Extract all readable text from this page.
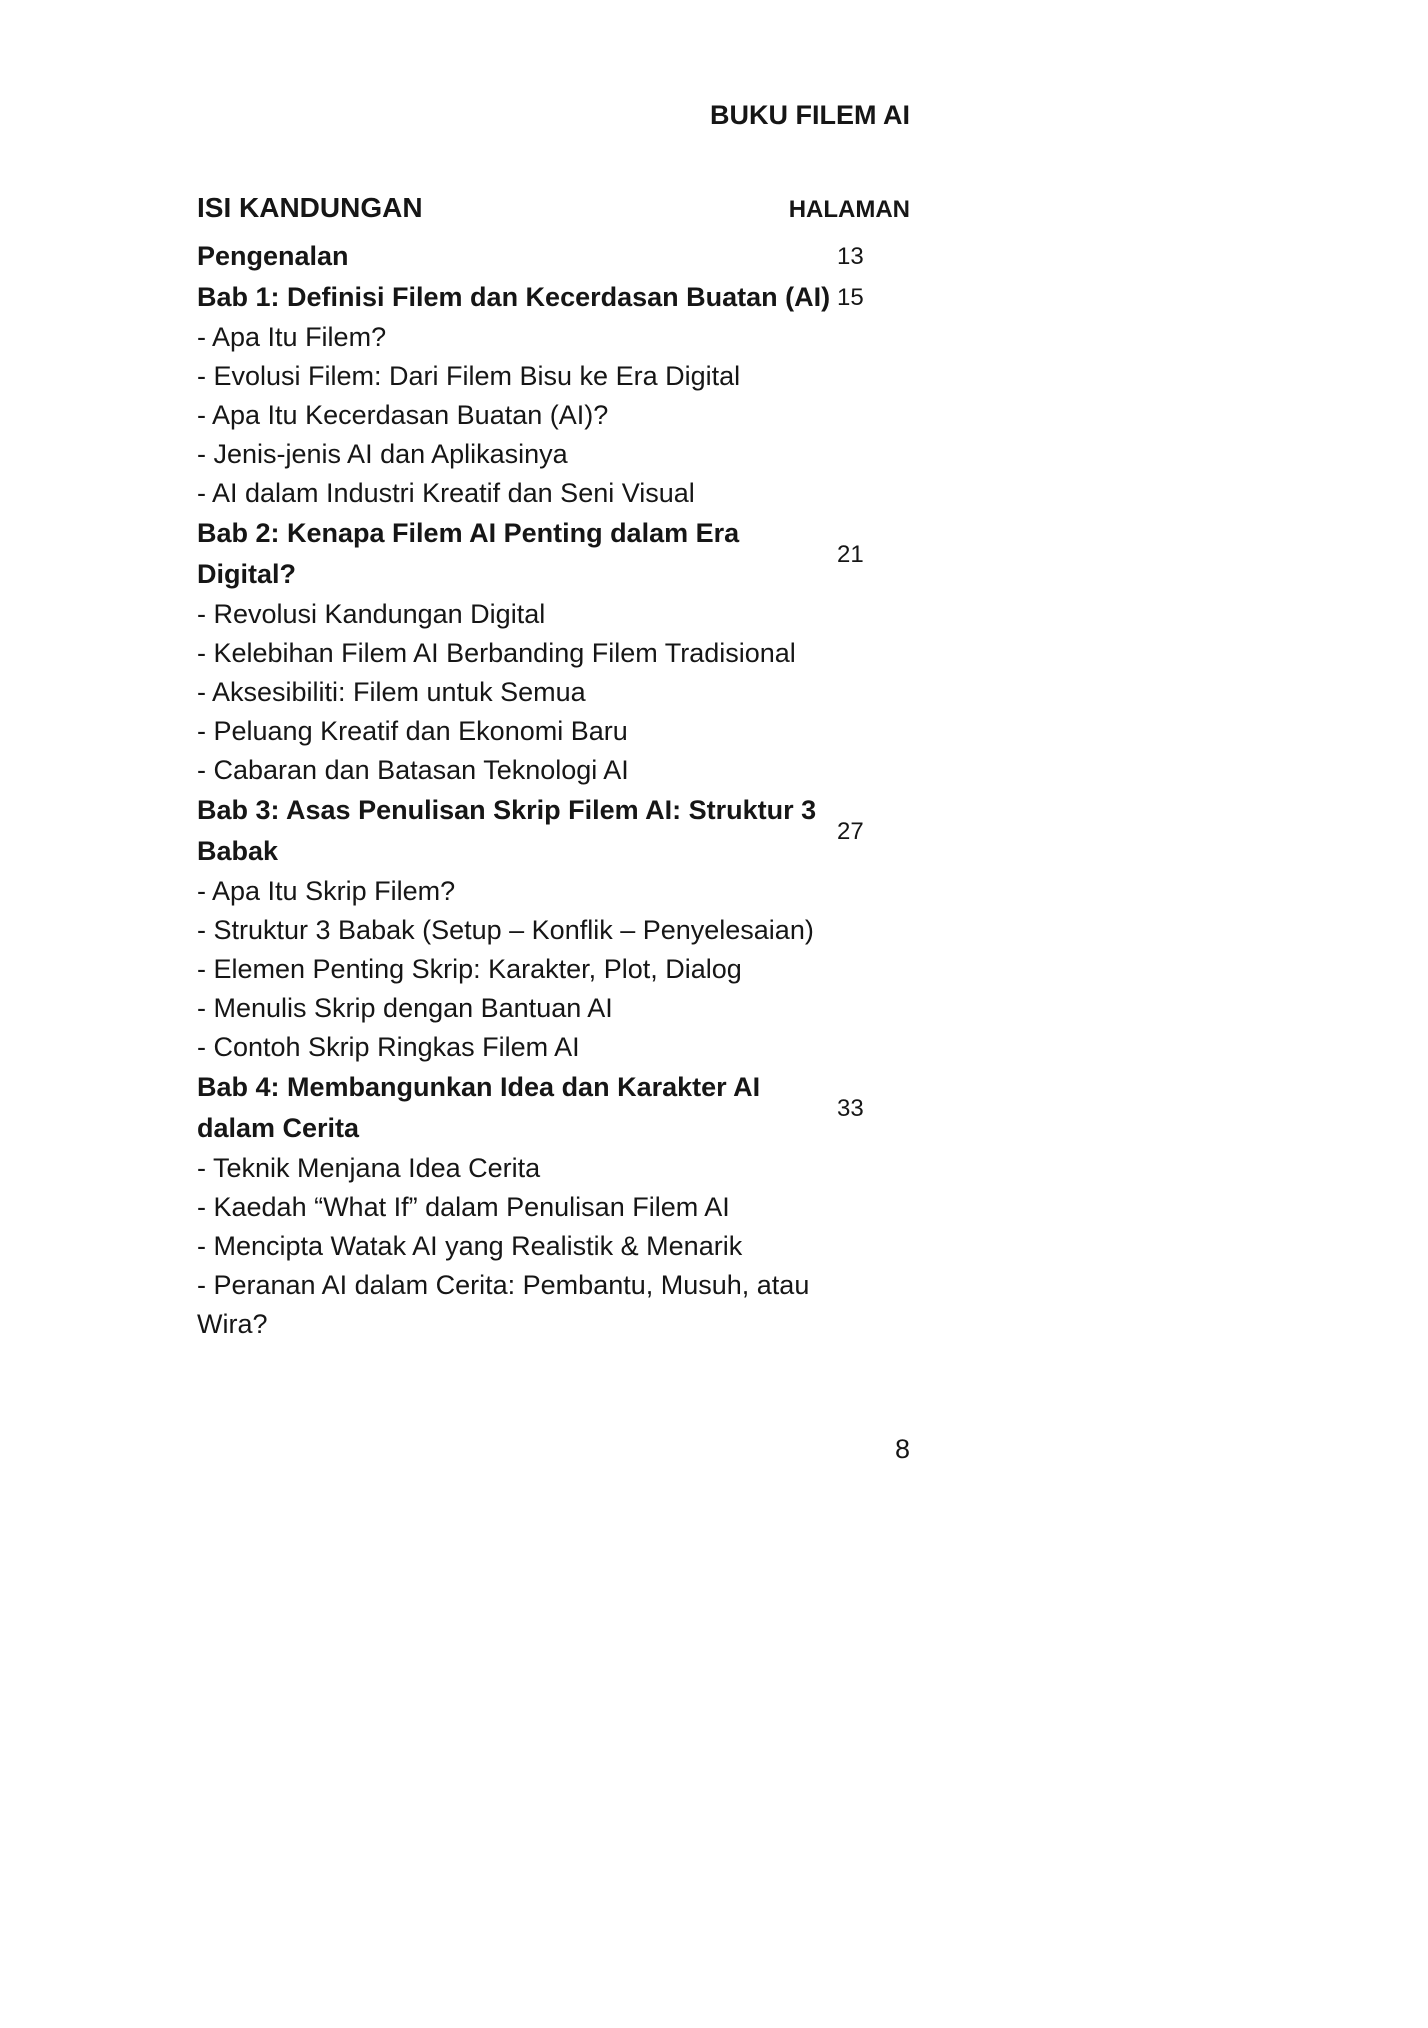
BUKU FILEM AI
ISI KANDUNGAN	HALAMAN
Pengenalan	13
Bab 1: Definisi Filem dan Kecerdasan Buatan (AI) 15
- Apa Itu Filem?
- Evolusi Filem: Dari Filem Bisu ke Era Digital
- Apa Itu Kecerdasan Buatan (AI)?
- Jenis-jenis AI dan Aplikasinya
- AI dalam Industri Kreatif dan Seni Visual
Bab 2: Kenapa Filem AI Penting dalam Era Digital?
21
- Revolusi Kandungan Digital
- Kelebihan Filem AI Berbanding Filem Tradisional
- Aksesibiliti: Filem untuk Semua
- Peluang Kreatif dan Ekonomi Baru
- Cabaran dan Batasan Teknologi AI
Bab 3: Asas Penulisan Skrip Filem AI: Struktur 3 Babak
27
- Apa Itu Skrip Filem?
- Struktur 3 Babak (Setup – Konflik – Penyelesaian)
- Elemen Penting Skrip: Karakter, Plot, Dialog
- Menulis Skrip dengan Bantuan AI
- Contoh Skrip Ringkas Filem AI
Bab 4: Membangunkan Idea dan Karakter AI dalam Cerita
33
- Teknik Menjana Idea Cerita
- Kaedah “What If” dalam Penulisan Filem AI
- Mencipta Watak AI yang Realistik & Menarik
- Peranan AI dalam Cerita: Pembantu, Musuh, atau Wira?
8
